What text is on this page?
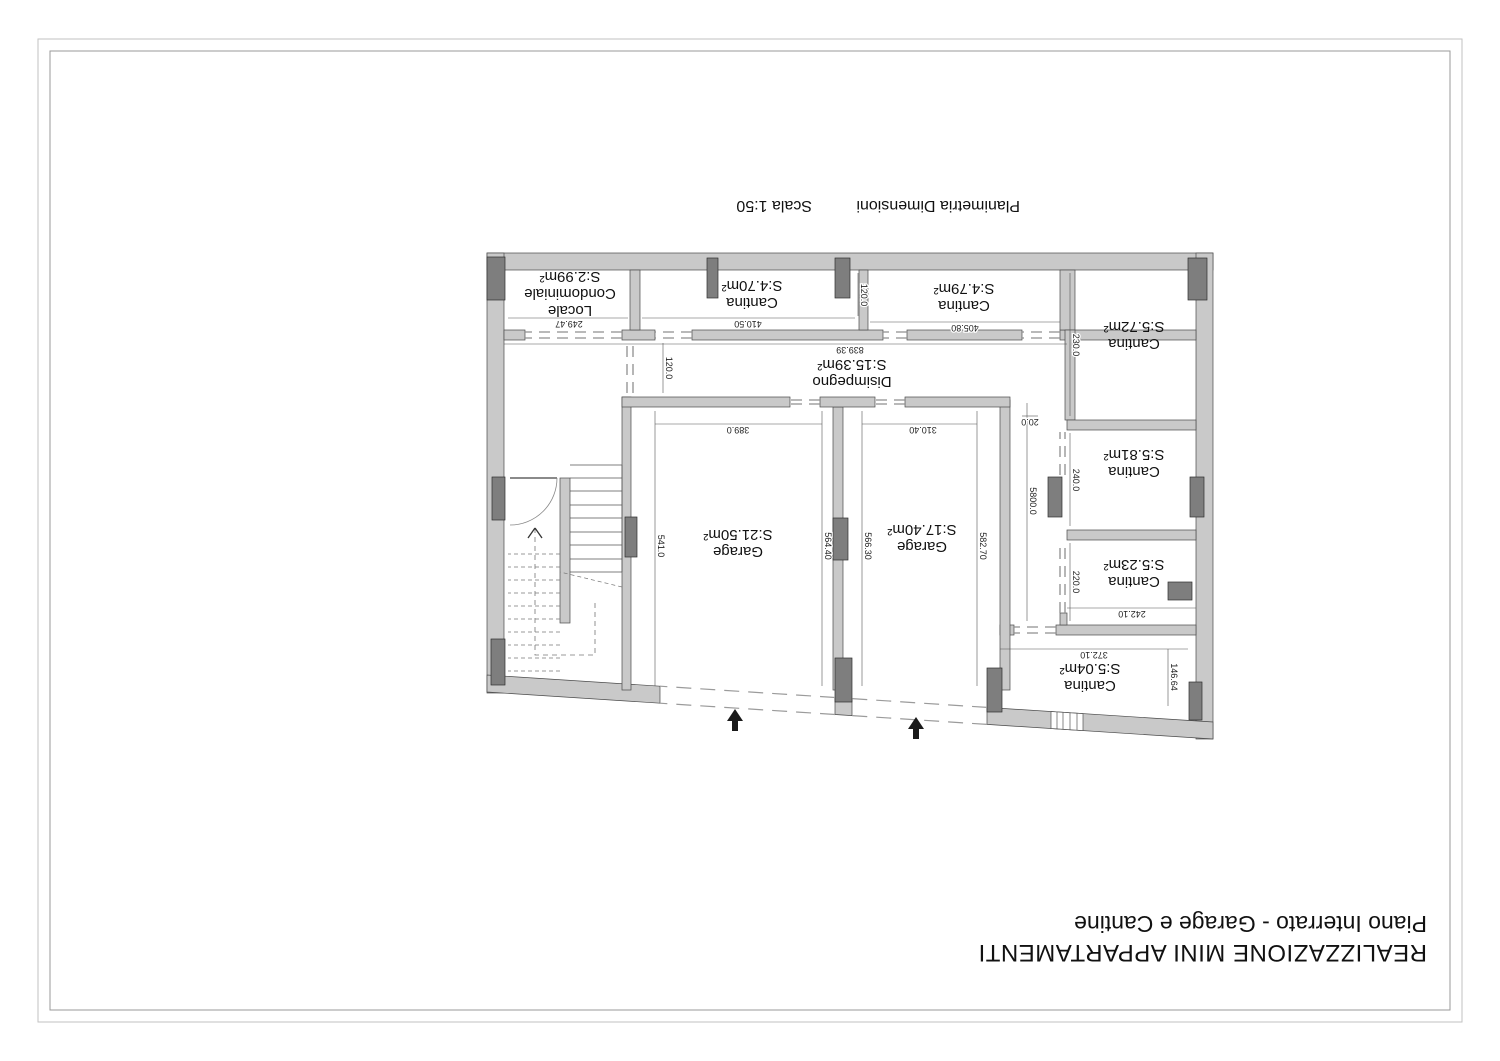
REALIZZAZIONE MINI APPARTAMENTI
Piano Interrato - Garage e Cantine
Planimetria Dimensioni
Scala 1:50
405.80
410.50
249.47
839.39
242.10
372.10
389.0	310.40
20.0
230.0
240.0
220.0
146.64
5800.0
541.0	564.40	566.30	582.70
120.0
120.0
Locale
Condominiale
S:2.99m²
Cantina
S:4.70m²
Cantina
S:4.79m²
Cantina
S:5.72m²
Disimpegno
S:15.39m²
Cantina
S:5.81m²
Cantina
S:5.23m²
Cantina
S:5.04m²
Garage
S:21.50m²
Garage
S:17.40m²
